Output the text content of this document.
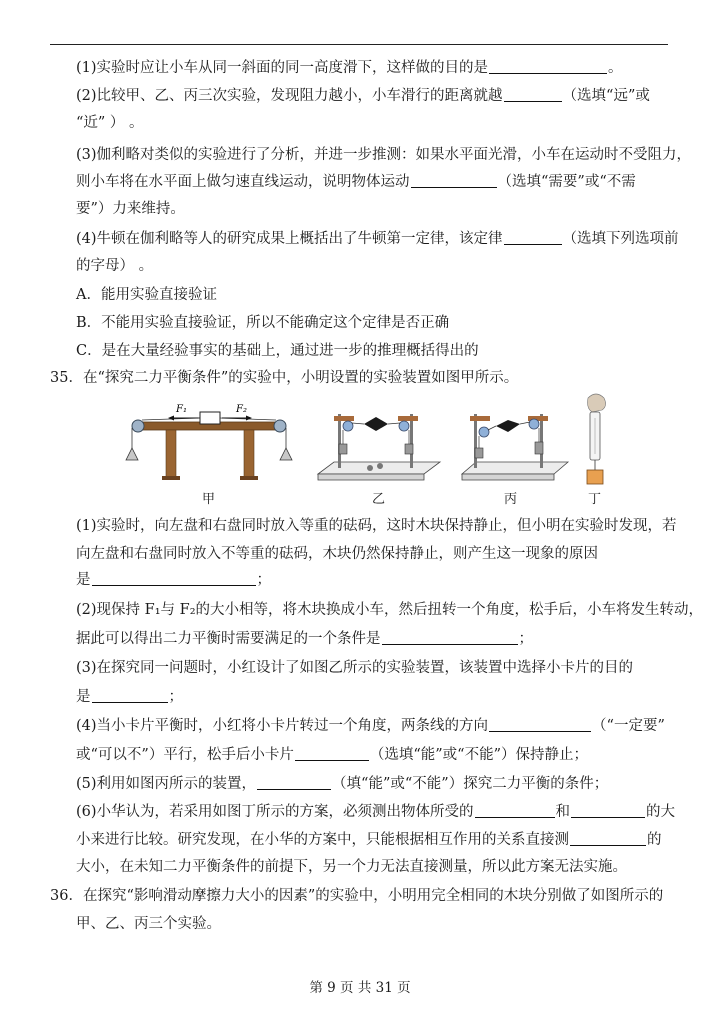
(1)实验时应让小车从同一斜面的同一高度滑下，这样做的目的是	。
(2)比较甲、乙、丙三次实验，发现阻力越小，小车滑行的距离就越	（选填“远”或
“近” ） 。
(3)伽利略对类似的实验进行了分析，并进一步推测：如果水平面光滑，小车在运动时不受阻力，
则小车将在水平面上做匀速直线运动，说明物体运动	（选填“需要”或“不需
要”）力来维持。
(4)牛顿在伽利略等人的研究成果上概括出了牛顿第一定律，该定律	（选填下列选项前
的字母） 。
A．能用实验直接验证
B．不能用实验直接验证，所以不能确定这个定律是否正确
C．是在大量经验事实的基础上，通过进一步的推理概括得出的
35．在“探究二力平衡条件”的实验中，小明设置的实验装置如图甲所示。
F₁	F₂
甲	乙	丙	丁
(1)实验时，向左盘和右盘同时放入等重的砝码，这时木块保持静止，但小明在实验时发现，若
向左盘和右盘同时放入不等重的砝码，木块仍然保持静止，则产生这一现象的原因
是	；
(2)现保持 F₁与 F₂的大小相等，将木块换成小车，然后扭转一个角度，松手后，小车将发生转动，
据此可以得出二力平衡时需要满足的一个条件是	；
(3)在探究同一问题时，小红设计了如图乙所示的实验装置，该装置中选择小卡片的目的
是	；
(4)当小卡片平衡时，小红将小卡片转过一个角度，两条线的方向	（“一定要”
或“可以不”）平行，松手后小卡片	（选填“能”或“不能”）保持静止；
(5)利用如图丙所示的装置，	（填“能”或“不能”）探究二力平衡的条件；
(6)小华认为，若采用如图丁所示的方案，必须测出物体所受的	和	的大
小来进行比较。研究发现，在小华的方案中，只能根据相互作用的关系直接测	的
大小，在未知二力平衡条件的前提下，另一个力无法直接测量，所以此方案无法实施。
36．在探究“影响滑动摩擦力大小的因素”的实验中，小明用完全相同的木块分别做了如图所示的
甲、乙、丙三个实验。
第 9 页 共 31 页
